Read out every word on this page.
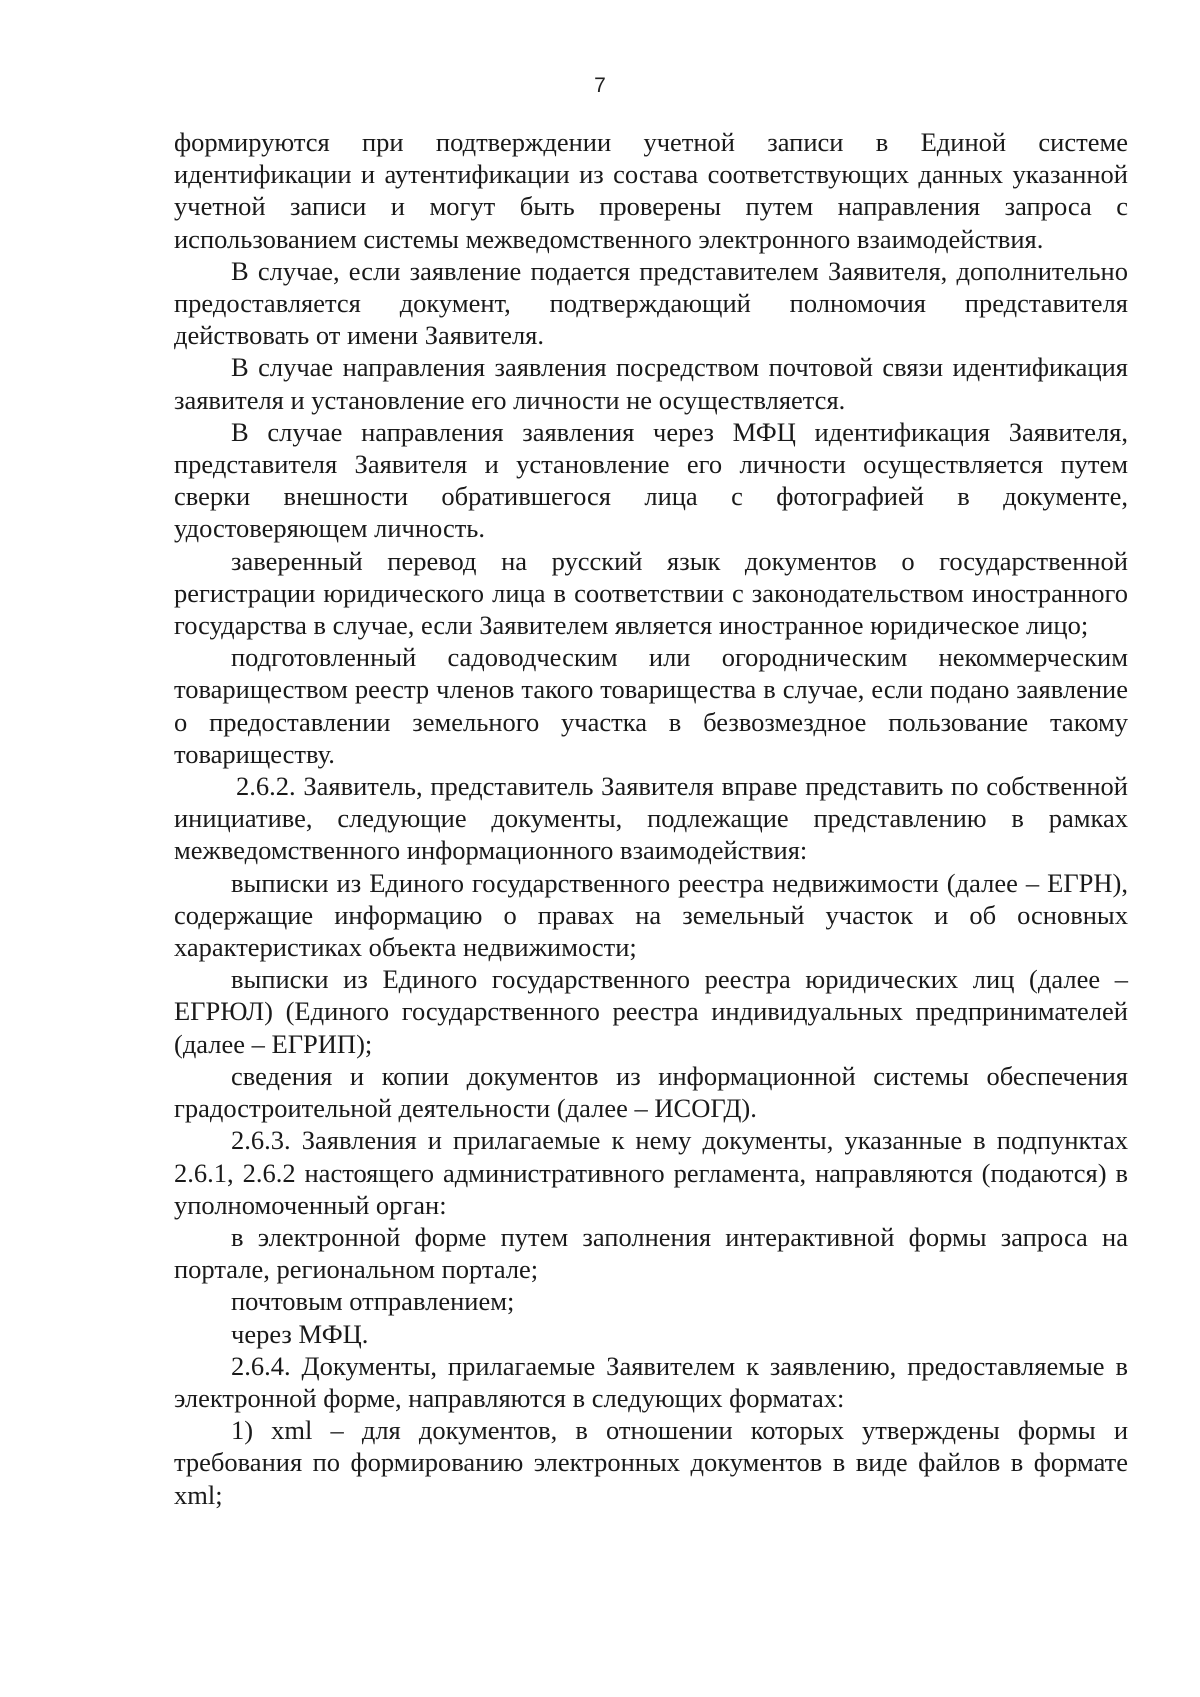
7

формируются при подтверждении учетной записи в Единой системе идентификации и аутентификации из состава соответствующих данных указанной учетной записи и могут быть проверены путем направления запроса с использованием системы межведомственного электронного взаимодействия.

В случае, если заявление подается представителем Заявителя, дополнительно предоставляется документ, подтверждающий полномочия представителя действовать от имени Заявителя.

В случае направления заявления посредством почтовой связи идентификация заявителя и установление его личности не осуществляется.

В случае направления заявления через МФЦ идентификация Заявителя, представителя Заявителя и установление его личности осуществляется путем сверки внешности обратившегося лица с фотографией в документе, удостоверяющем личность.

заверенный перевод на русский язык документов о государственной регистрации юридического лица в соответствии с законодательством иностранного государства в случае, если Заявителем является иностранное юридическое лицо;

подготовленный садоводческим или огородническим некоммерческим товариществом реестр членов такого товарищества в случае, если подано заявление о предоставлении земельного участка в безвозмездное пользование такому товариществу.

2.6.2. Заявитель, представитель Заявителя вправе представить по собственной инициативе, следующие документы, подлежащие представлению в рамках межведомственного информационного взаимодействия:

выписки из Единого государственного реестра недвижимости (далее – ЕГРН), содержащие информацию о правах на земельный участок и об основных характеристиках объекта недвижимости;

выписки из Единого государственного реестра юридических лиц (далее – ЕГРЮЛ) (Единого государственного реестра индивидуальных предпринимателей (далее – ЕГРИП);

сведения и копии документов из информационной системы обеспечения градостроительной деятельности (далее – ИСОГД).

2.6.3. Заявления и прилагаемые к нему документы, указанные в подпунктах 2.6.1, 2.6.2 настоящего административного регламента, направляются (подаются) в уполномоченный орган:

в электронной форме путем заполнения интерактивной формы запроса на портале, региональном портале;

почтовым отправлением;

через МФЦ.

2.6.4. Документы, прилагаемые Заявителем к заявлению, предоставляемые в электронной форме, направляются в следующих форматах:

1) xml – для документов, в отношении которых утверждены формы и требования по формированию электронных документов в виде файлов в формате xml;
